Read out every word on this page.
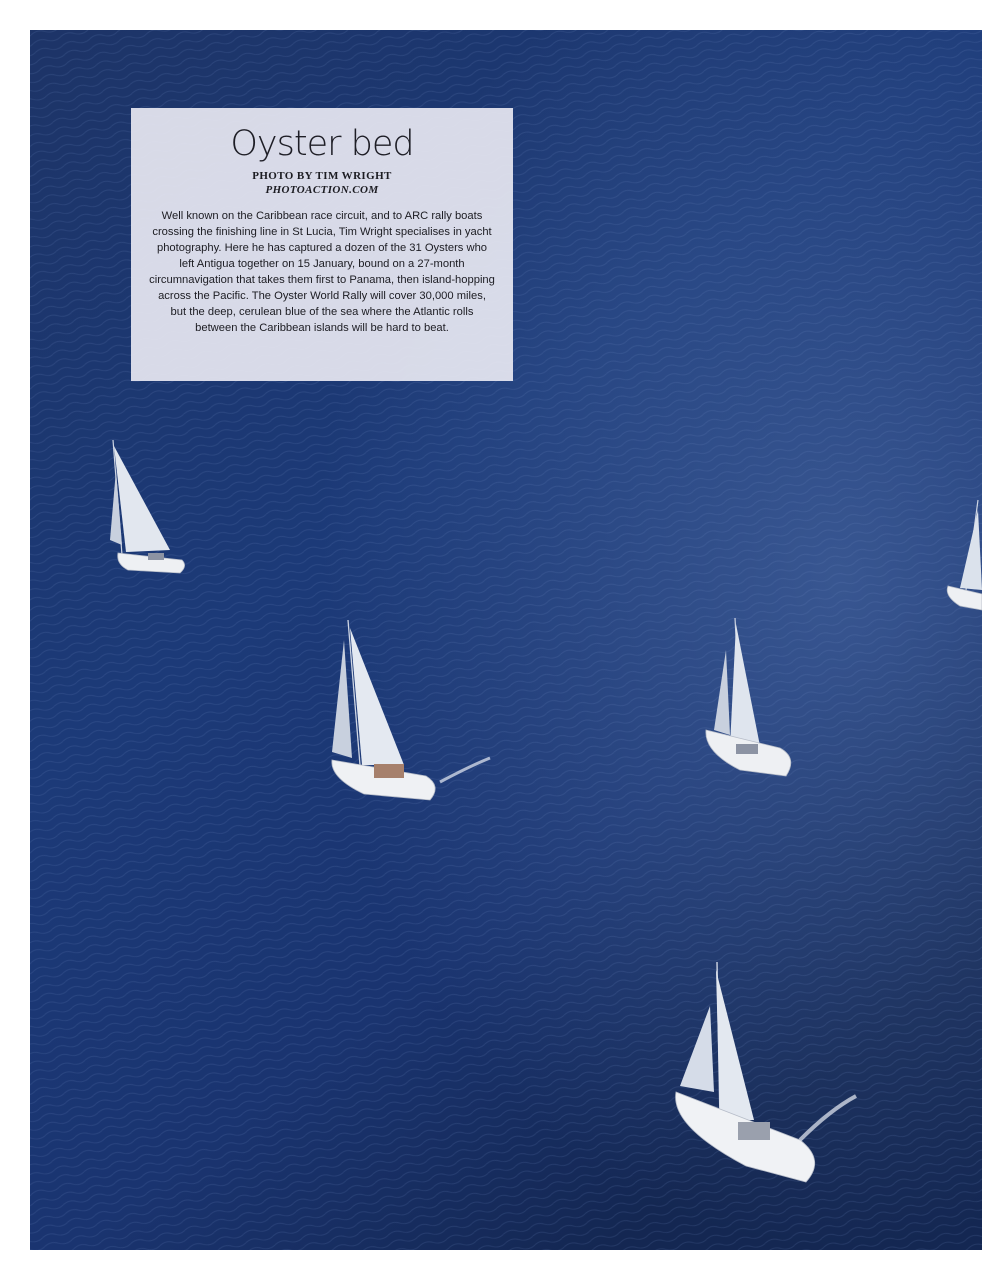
Oyster bed
PHOTO BY TIM WRIGHT
PHOTOACTION.COM
Well known on the Caribbean race circuit, and to ARC rally boats crossing the finishing line in St Lucia, Tim Wright specialises in yacht photography. Here he has captured a dozen of the 31 Oysters who left Antigua together on 15 January, bound on a 27-month circumnavigation that takes them first to Panama, then island-hopping across the Pacific. The Oyster World Rally will cover 30,000 miles, but the deep, cerulean blue of the sea where the Atlantic rolls between the Caribbean islands will be hard to beat.
